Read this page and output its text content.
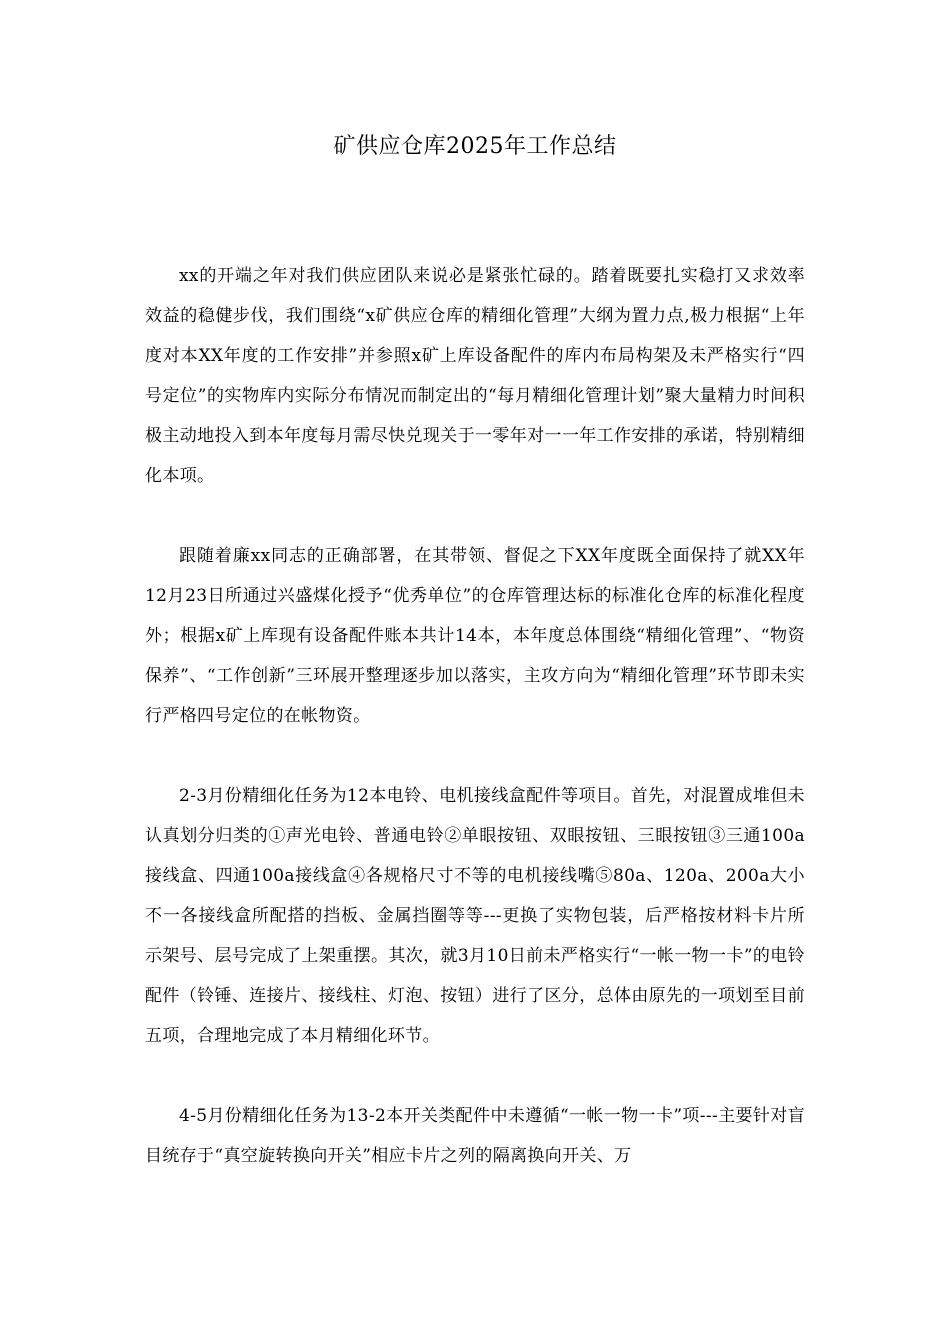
矿供应仓库2025年工作总结

xx的开端之年对我们供应团队来说必是紧张忙碌的。踏着既要扎实稳打又求效率效益的稳健步伐，我们围绕“x矿供应仓库的精细化管理”大纲为置力点,极力根据“上年度对本XX年度的工作安排”并参照x矿上库设备配件的库内布局构架及未严格实行“四号定位”的实物库内实际分布情况而制定出的“每月精细化管理计划”聚大量精力时间积极主动地投入到本年度每月需尽快兑现关于一零年对一一年工作安排的承诺，特别精细化本项。

跟随着廉xx同志的正确部署，在其带领、督促之下XX年度既全面保持了就XX年12月23日所通过兴盛煤化授予“优秀单位”的仓库管理达标的标准化仓库的标准化程度外；根据x矿上库现有设备配件账本共计14本，本年度总体围绕“精细化管理”、“物资保养”、“工作创新”三环展开整理逐步加以落实，主攻方向为“精细化管理”环节即未实行严格四号定位的在帐物资。

2-3月份精细化任务为12本电铃、电机接线盒配件等项目。首先，对混置成堆但未认真划分归类的①声光电铃、普通电铃②单眼按钮、双眼按钮、三眼按钮③三通100a接线盒、四通100a接线盒④各规格尺寸不等的电机接线嘴⑤80a、120a、200a大小不一各接线盒所配搭的挡板、金属挡圈等等---更换了实物包装，后严格按材料卡片所示架号、层号完成了上架重摆。其次，就3月10日前未严格实行“一帐一物一卡”的电铃配件（铃锤、连接片、接线柱、灯泡、按钮）进行了区分，总体由原先的一项划至目前五项，合理地完成了本月精细化环节。

4-5月份精细化任务为13-2本开关类配件中未遵循“一帐一物一卡”项---主要针对盲目统存于“真空旋转换向开关”相应卡片之列的隔离换向开关、万
